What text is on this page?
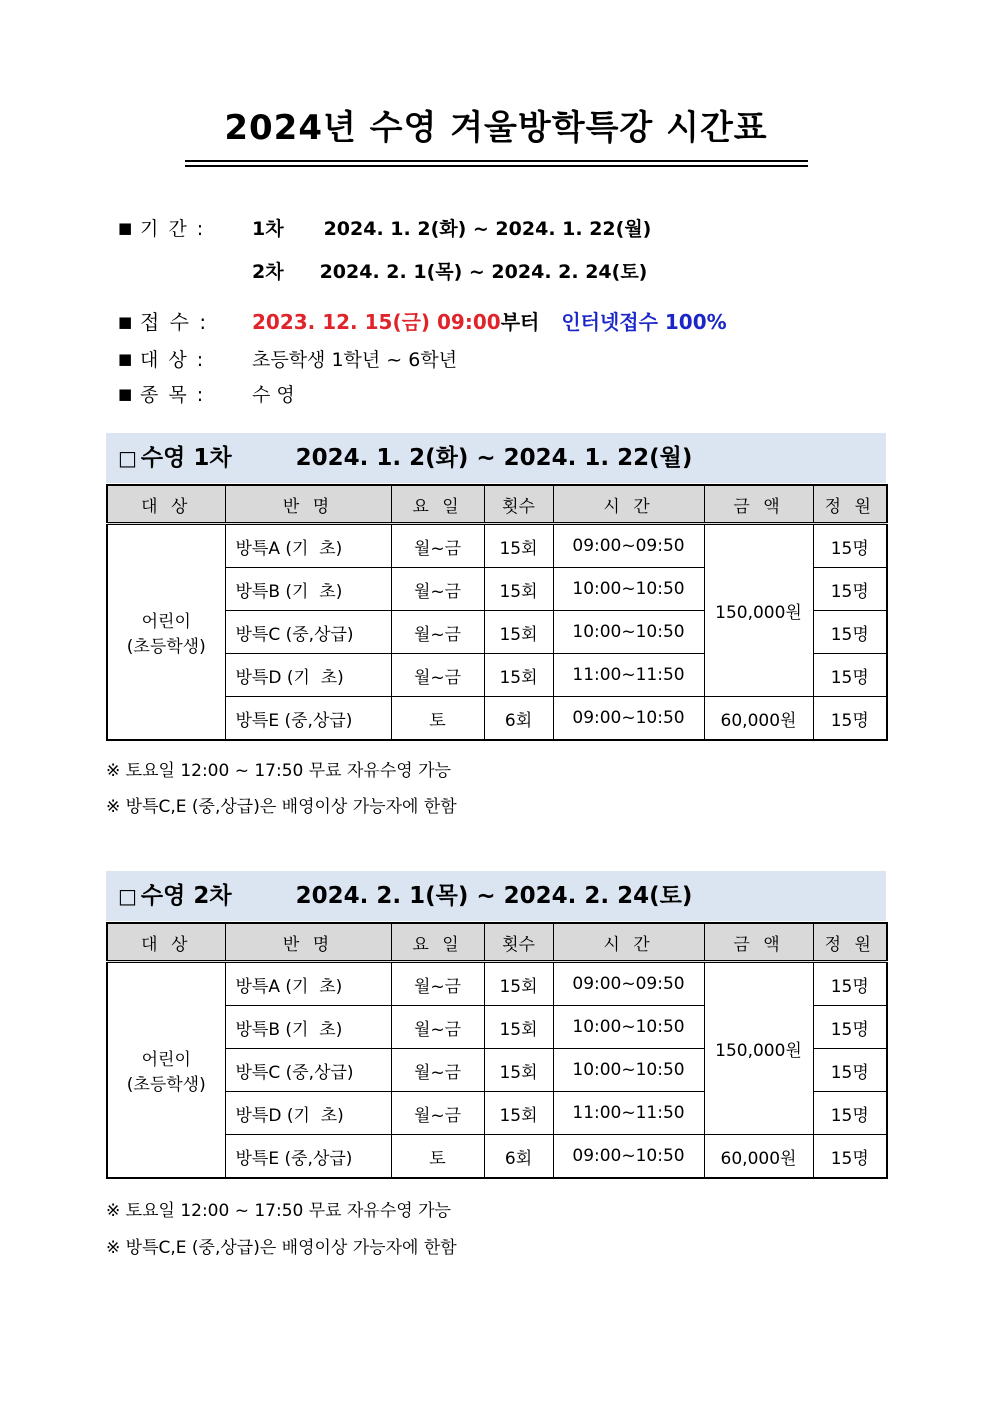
2024년 수영 겨울방학특강 시간표
■ 기 간 : 1차 2024. 1. 2(화) ~ 2024. 1. 22(월)
2차 2024. 2. 1(목) ~ 2024. 2. 24(토)
■ 접 수 : 2023. 12. 15(금) 09:00부터 인터넷접수 100%
■ 대 상 : 초등학생 1학년 ~ 6학년
■ 종 목 : 수 영
□ 수영 1차	2024. 1. 2(화) ~ 2024. 1. 22(월)
대 상	반 명	요 일	횟수	시 간	금 액	정 원

어린이
(초등학생)	방특A (기  초)	월~금	15회	09:00~09:50	150,000원	15명
	방특B (기  초)	월~금	15회	10:00~10:50		15명
	방특C (중,상급)	월~금	15회	10:00~10:50		15명
	방특D (기  초)	월~금	15회	11:00~11:50		15명
	방특E (중,상급)	토	6회	09:00~10:50	60,000원	15명
※ 토요일 12:00 ~ 17:50 무료 자유수영 가능
※ 방특C,E (중,상급)은 배영이상 가능자에 한함
□ 수영 2차	2024. 2. 1(목) ~ 2024. 2. 24(토)
대 상	반 명	요 일	횟수	시 간	금 액	정 원

어린이
(초등학생)	방특A (기  초)	월~금	15회	09:00~09:50	150,000원	15명
	방특B (기  초)	월~금	15회	10:00~10:50		15명
	방특C (중,상급)	월~금	15회	10:00~10:50		15명
	방특D (기  초)	월~금	15회	11:00~11:50		15명
	방특E (중,상급)	토	6회	09:00~10:50	60,000원	15명
※ 토요일 12:00 ~ 17:50 무료 자유수영 가능
※ 방특C,E (중,상급)은 배영이상 가능자에 한함
